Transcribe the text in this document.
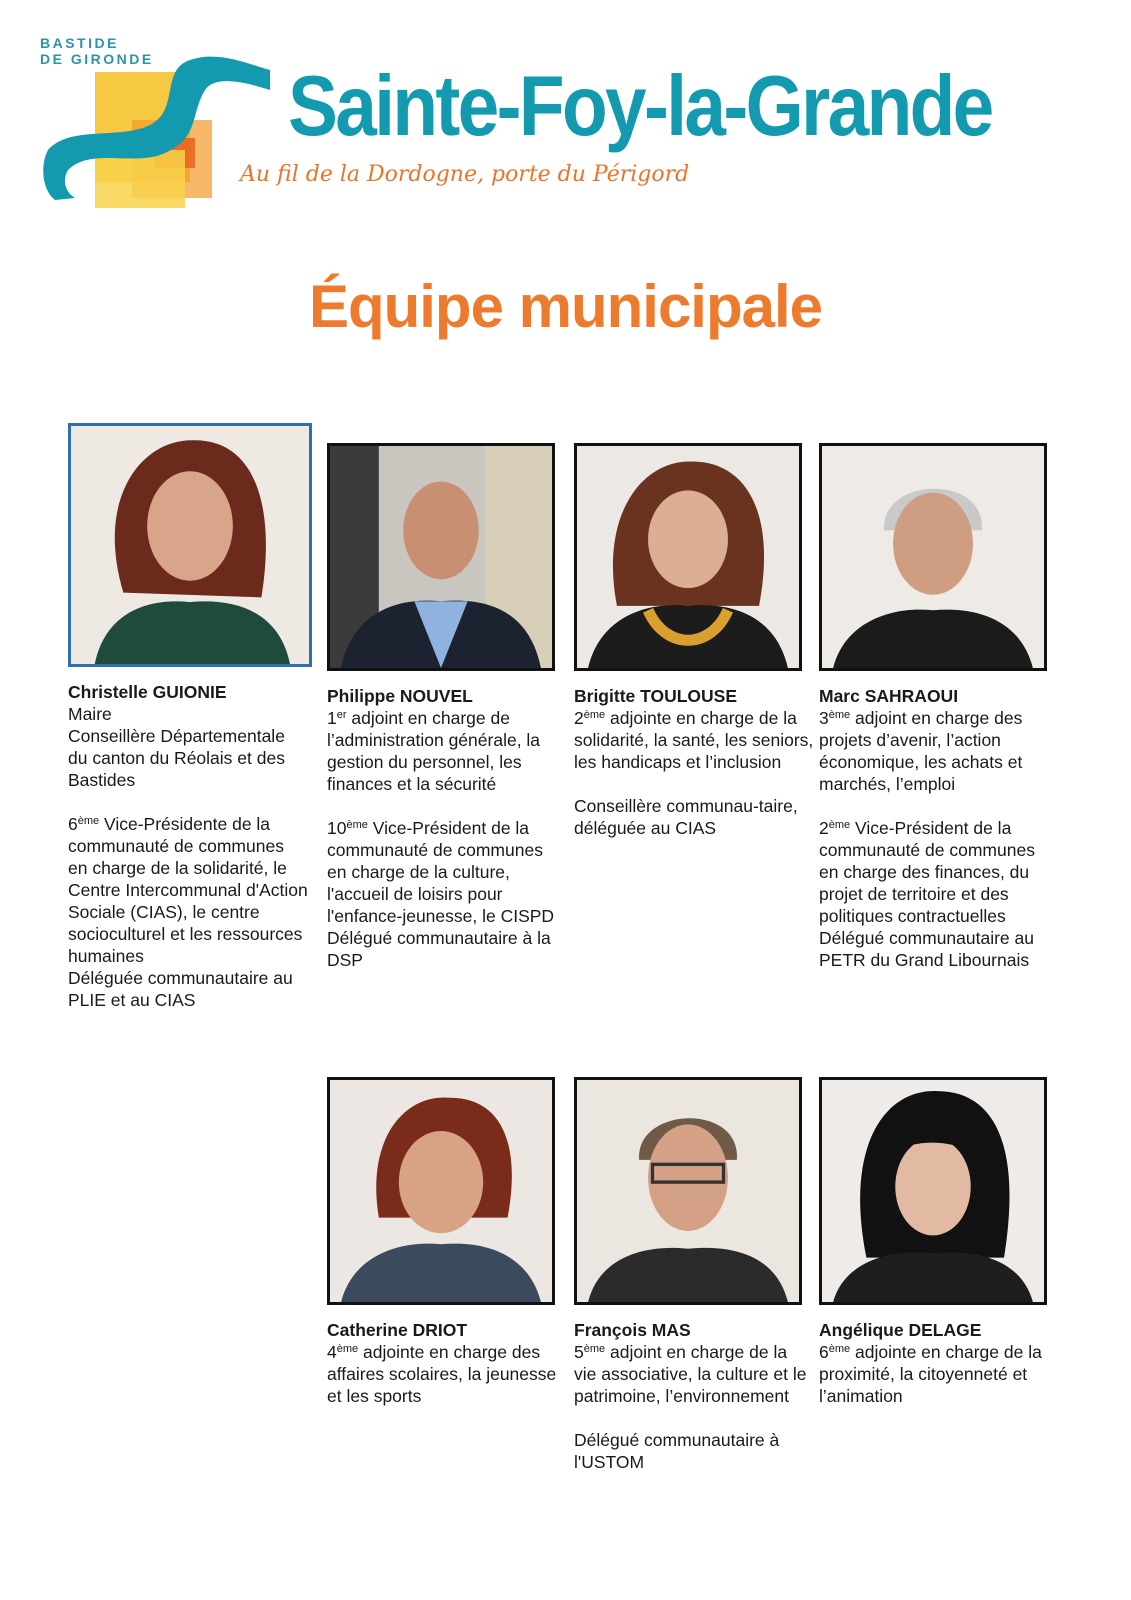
BASTIDE
DE GIRONDE Sainte-Foy-la-Grande
Au fil de la Dordogne, porte du Périgord
Équipe municipale
Christelle GUIONIE
Maire
Conseillère Départementale
du canton du Réolais et des
Bastides
6ème Vice-Présidente de la communauté de communes en charge de la solidarité, le Centre Intercommunal d'Action Sociale (CIAS), le centre socioculturel et les ressources humaines
Déléguée communautaire au PLIE et au CIAS
Philippe NOUVEL
1er adjoint en charge de l’administration générale, la gestion du personnel, les finances et la sécurité
10ème Vice-Président de la communauté de communes en charge de la culture, l'accueil de loisirs pour l'enfance-jeunesse, le CISPD
Délégué communautaire à la DSP
Brigitte TOULOUSE
2ème adjointe en charge de la solidarité, la santé, les seniors, les handicaps et l’inclusion
Conseillère communau-taire, déléguée au CIAS
Marc SAHRAOUI
3ème adjoint en charge des projets d’avenir, l’action économique, les achats et marchés, l’emploi
2ème Vice-Président de la communauté de communes en charge des finances, du projet de territoire et des politiques contractuelles
Délégué communautaire au PETR du Grand Libournais
Catherine DRIOT
4ème adjointe en charge des affaires scolaires, la jeunesse et les sports
François MAS
5ème adjoint en charge de la vie associative, la culture et le patrimoine, l’environnement
Délégué communautaire à l'USTOM
Angélique DELAGE
6ème adjointe en charge de la proximité, la citoyenneté et l’animation
